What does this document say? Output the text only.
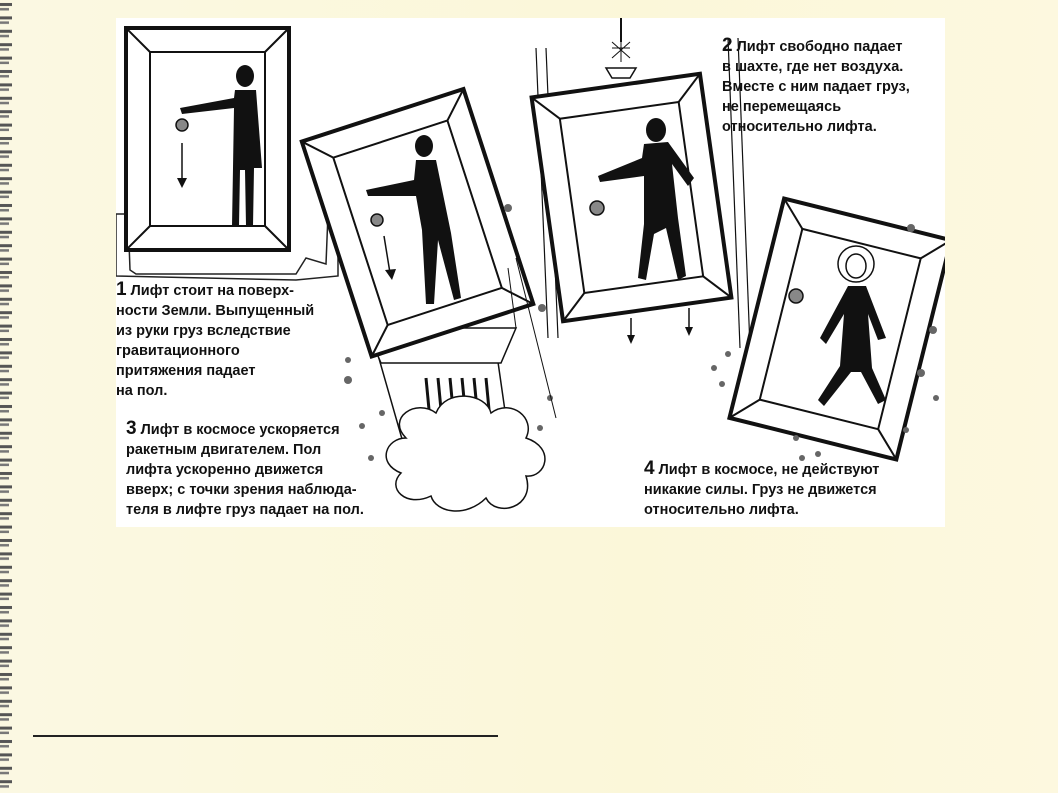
1 Лифт стоит на поверх-

ности Земли. Выпущенный
из руки груз вследствие
гравитационного
притяжения падает
на пол.

2 Лифт свободно падает

в шахте, где нет воздуха.
Вместе с ним падает груз,
не перемещаясь
относительно лифта.

3 Лифт в космосе ускоряется

ракетным двигателем. Пол
лифта ускоренно движется
вверх; с точки зрения наблюда-
теля в лифте груз падает на пол.

4 Лифт в космосе, не действуют

никакие силы. Груз не движется
относительно лифта.
